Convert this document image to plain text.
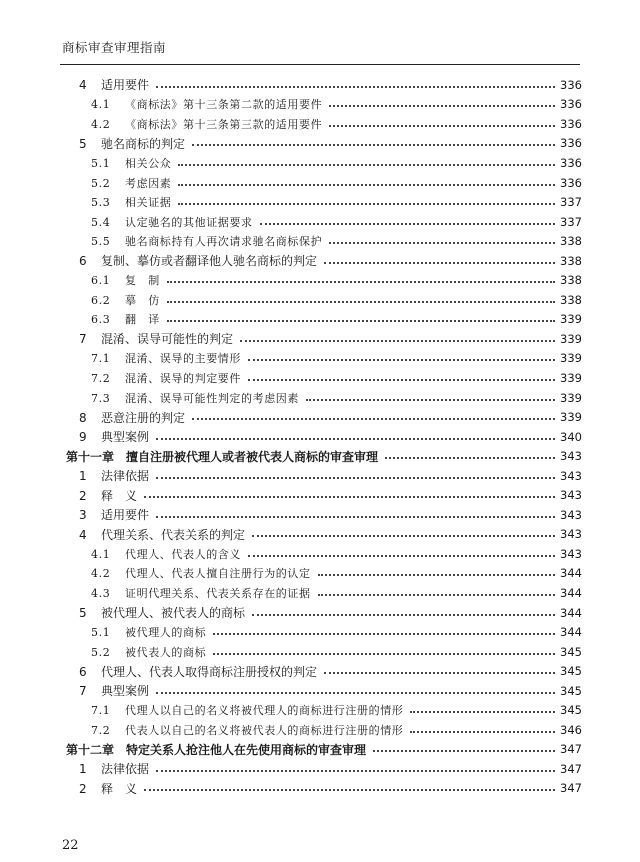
商标审查审理指南
4 适用要件	336
4.1 《商标法》第十三条第二款的适用要件	336
4.2 《商标法》第十三条第三款的适用要件	336
5 驰名商标的判定	336
5.1 相关公众	336
5.2 考虑因素	336
5.3 相关证据	337
5.4 认定驰名的其他证据要求	337
5.5 驰名商标持有人再次请求驰名商标保护	338
6 复制、摹仿或者翻译他人驰名商标的判定	338
6.1 复　制	338
6.2 摹　仿	338
6.3 翻　译	339
7 混淆、误导可能性的判定	339
7.1 混淆、误导的主要情形	339
7.2 混淆、误导的判定要件	339
7.3 混淆、误导可能性判定的考虑因素	339
8 恶意注册的判定	339
9 典型案例	340
第十一章　擅自注册被代理人或者被代表人商标的审查审理	343
1 法律依据	343
2 释　义	343
3 适用要件	343
4 代理关系、代表关系的判定	343
4.1 代理人、代表人的含义	343
4.2 代理人、代表人擅自注册行为的认定	344
4.3 证明代理关系、代表关系存在的证据	344
5 被代理人、被代表人的商标	344
5.1 被代理人的商标	344
5.2 被代表人的商标	345
6 代理人、代表人取得商标注册授权的判定	345
7 典型案例	345
7.1 代理人以自己的名义将被代理人的商标进行注册的情形	345
7.2 代表人以自己的名义将被代表人的商标进行注册的情形	346
第十二章　特定关系人抢注他人在先使用商标的审查审理	347
1 法律依据	347
2 释　义	347
22
